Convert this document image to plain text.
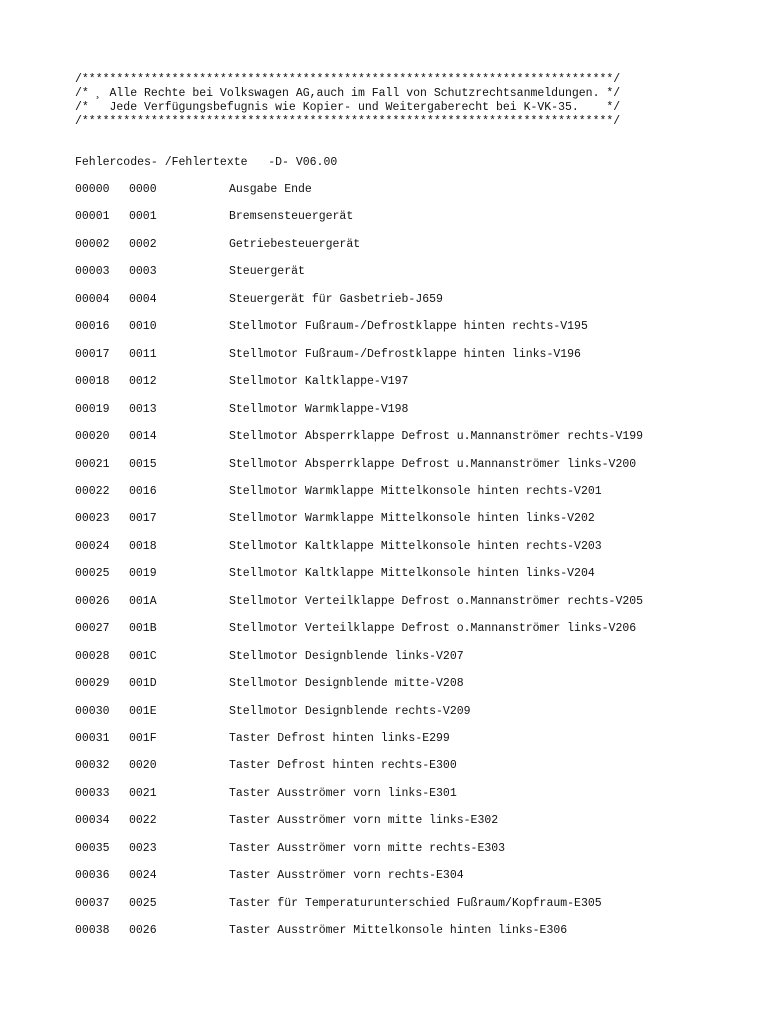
/*****************************************************************************/
/* ¸ Alle Rechte bei Volkswagen AG,auch im Fall von Schutzrechtsanmeldungen. */
/*   Jede Verfügungsbefugnis wie Kopier- und Weitergaberecht bei K-VK-35.    */
/*****************************************************************************/
Fehlercodes- /Fehlertexte   -D- V06.00
00000 0000	Ausgabe Ende
00001 0001	Bremsensteuergerät
00002 0002	Getriebesteuergerät
00003 0003	Steuergerät
00004 0004	Steuergerät für Gasbetrieb-J659
00016 0010	Stellmotor Fußraum-/Defrostklappe hinten rechts-V195
00017 0011	Stellmotor Fußraum-/Defrostklappe hinten links-V196
00018 0012	Stellmotor Kaltklappe-V197
00019 0013	Stellmotor Warmklappe-V198
00020 0014	Stellmotor Absperrklappe Defrost u.Mannanströmer rechts-V199
00021 0015	Stellmotor Absperrklappe Defrost u.Mannanströmer links-V200
00022 0016	Stellmotor Warmklappe Mittelkonsole hinten rechts-V201
00023 0017	Stellmotor Warmklappe Mittelkonsole hinten links-V202
00024 0018	Stellmotor Kaltklappe Mittelkonsole hinten rechts-V203
00025 0019	Stellmotor Kaltklappe Mittelkonsole hinten links-V204
00026 001A	Stellmotor Verteilklappe Defrost o.Mannanströmer rechts-V205
00027 001B	Stellmotor Verteilklappe Defrost o.Mannanströmer links-V206
00028 001C	Stellmotor Designblende links-V207
00029 001D	Stellmotor Designblende mitte-V208
00030 001E	Stellmotor Designblende rechts-V209
00031 001F	Taster Defrost hinten links-E299
00032 0020	Taster Defrost hinten rechts-E300
00033 0021	Taster Ausströmer vorn links-E301
00034 0022	Taster Ausströmer vorn mitte links-E302
00035 0023	Taster Ausströmer vorn mitte rechts-E303
00036 0024	Taster Ausströmer vorn rechts-E304
00037 0025	Taster für Temperaturunterschied Fußraum/Kopfraum-E305
00038 0026	Taster Ausströmer Mittelkonsole hinten links-E306
